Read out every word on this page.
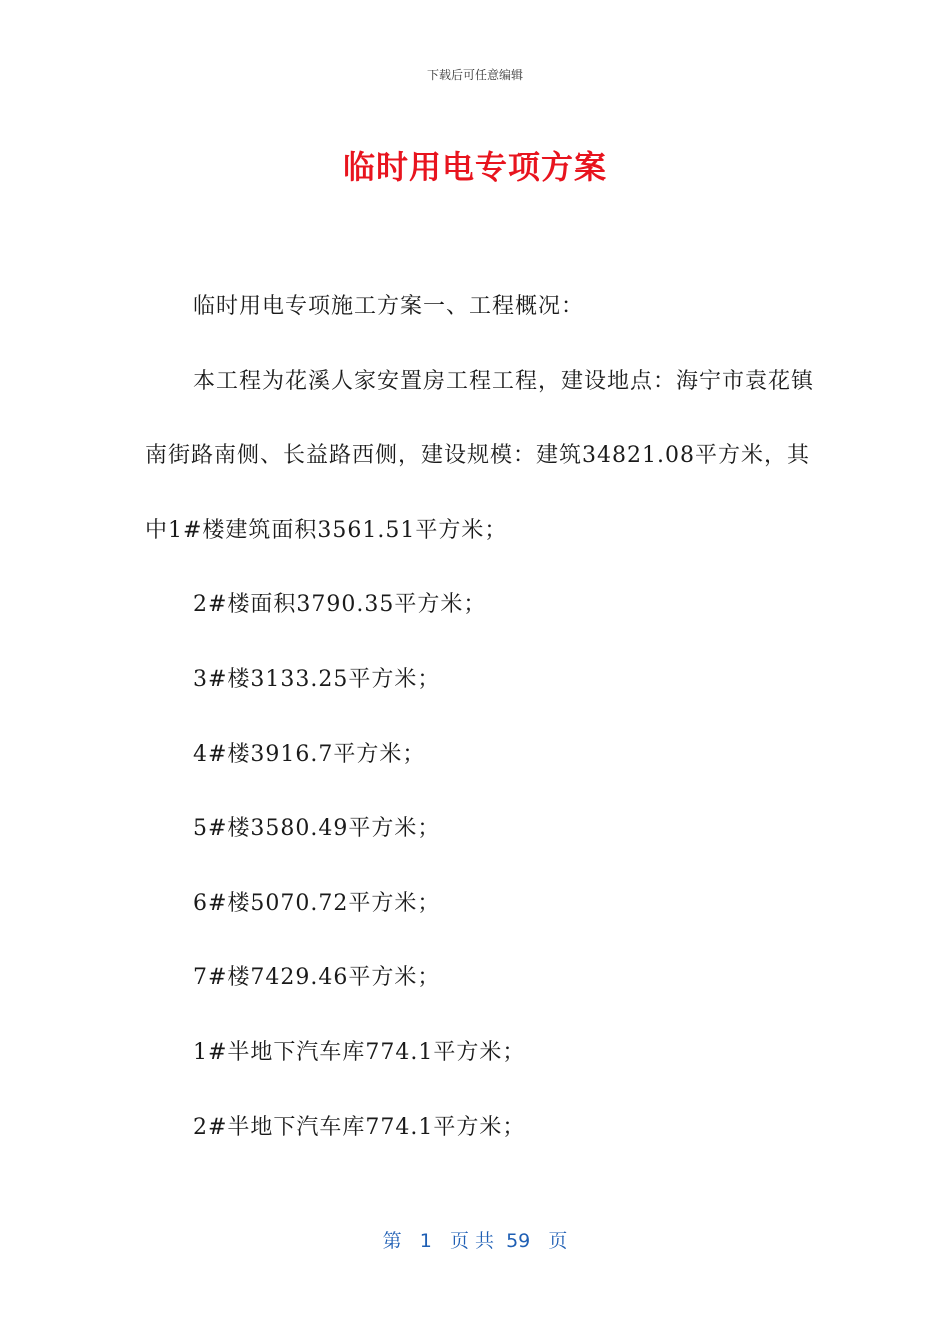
下载后可任意编辑
临时用电专项方案

临时用电专项施工方案一、工程概况：

本工程为花溪人家安置房工程工程，建设地点：海宁市袁花镇南街路南侧、长益路西侧，建设规模：建筑34821.08平方米，其中1#楼建筑面积3561.51平方米；

2#楼面积3790.35平方米；

3#楼3133.25平方米；

4#楼3916.7平方米；

5#楼3580.49平方米；

6#楼5070.72平方米；

7#楼7429.46平方米；

1#半地下汽车库774.1平方米；

2#半地下汽车库774.1平方米；

第 1 页 共 59 页
